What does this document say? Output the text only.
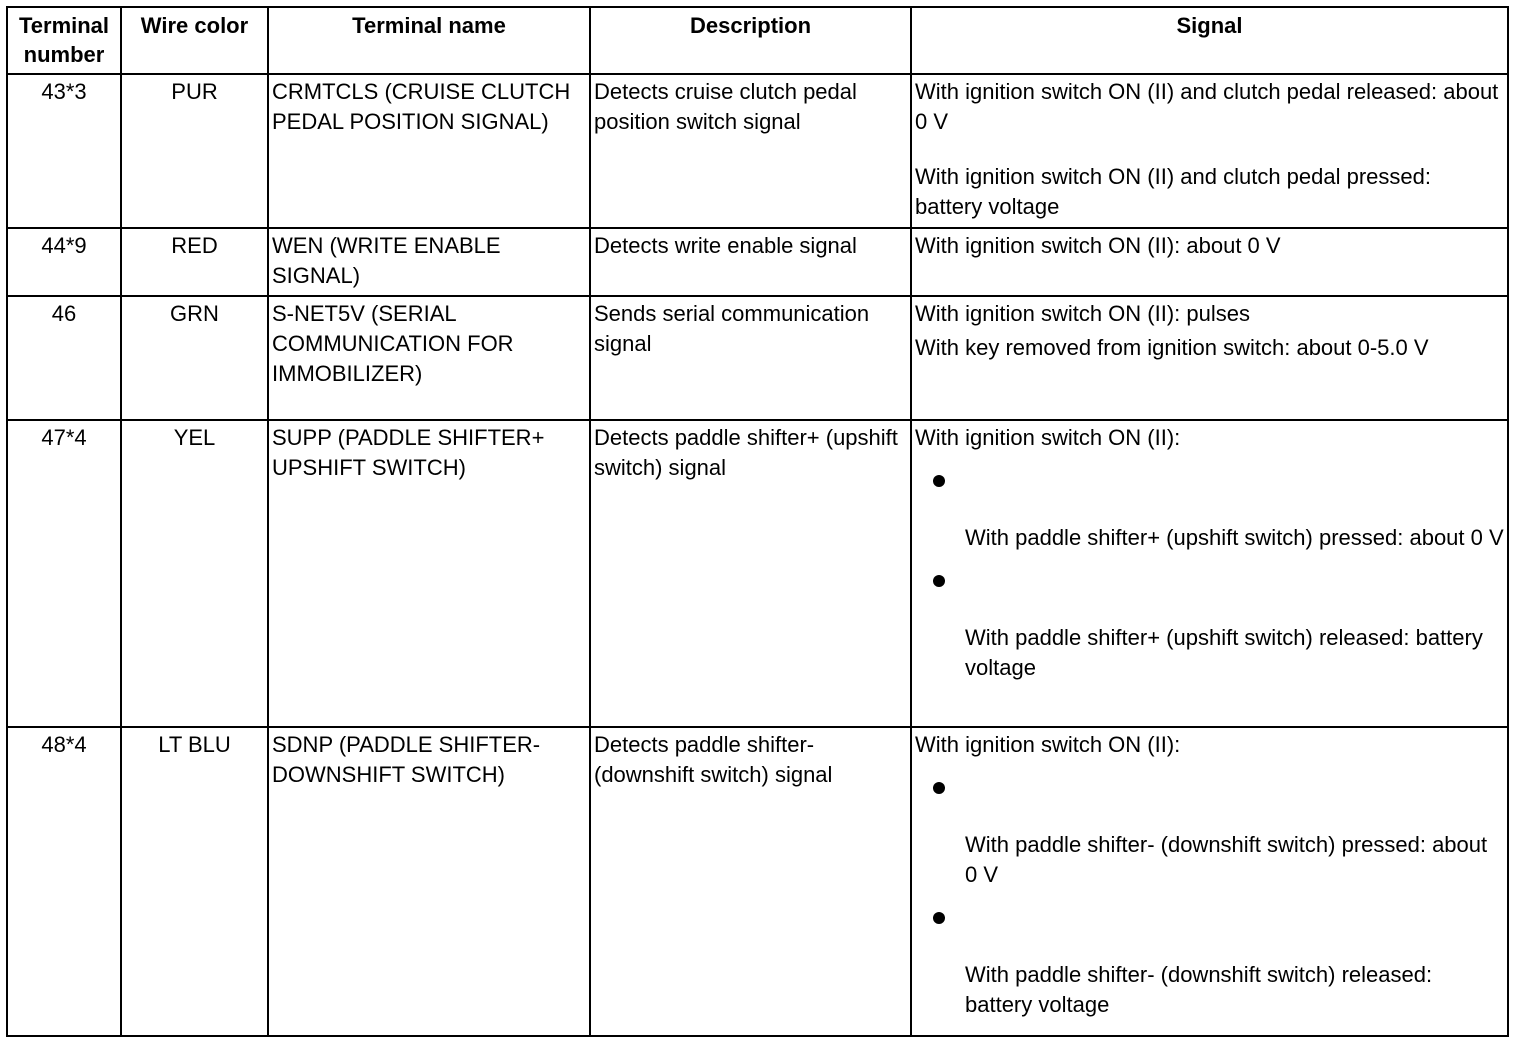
Terminal number	Wire color	Terminal name	Description	Signal
43*3	PUR	CRMTCLS (CRUISE CLUTCH PEDAL POSITION SIGNAL)	Detects cruise clutch pedal position switch signal	With ignition switch ON (II) and clutch pedal released: about 0 V
With ignition switch ON (II) and clutch pedal pressed: battery voltage

44*9	RED	WEN (WRITE ENABLE SIGNAL)	Detects write enable signal	With ignition switch ON (II): about 0 V

46	GRN	S-NET5V (SERIAL COMMUNICATION FOR IMMOBILIZER)	Sends serial communication signal	With ignition switch ON (II): pulses
With key removed from ignition switch: about 0-5.0 V

47*4	YEL	SUPP (PADDLE SHIFTER+ UPSHIFT SWITCH)	Detects paddle shifter+ (upshift switch) signal	With ignition switch ON (II):
With paddle shifter+ (upshift switch) pressed: about 0 V
With paddle shifter+ (upshift switch) released: battery voltage

48*4	LT BLU	SDNP (PADDLE SHIFTER- DOWNSHIFT SWITCH)	Detects paddle shifter- (downshift switch) signal	With ignition switch ON (II):
With paddle shifter- (downshift switch) pressed: about 0 V
With paddle shifter- (downshift switch) released: battery voltage
